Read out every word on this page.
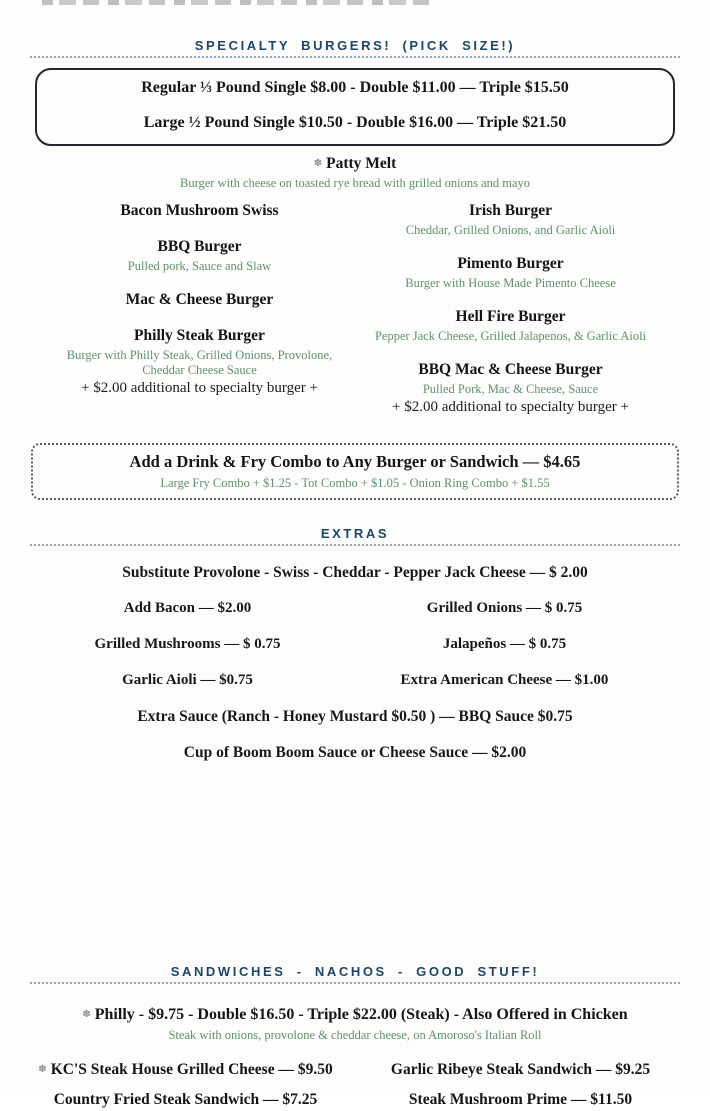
SPECIALTY BURGERS! (PICK SIZE!)
Regular ⅓ Pound Single $8.00 - Double $11.00 — Triple $15.50
Large ½ Pound Single $10.50 - Double $16.00 — Triple $21.50
✽ Patty Melt
Burger with cheese on toasted rye bread with grilled onions and mayo
Bacon Mushroom Swiss
BBQ Burger
Pulled pork, Sauce and Slaw
Mac & Cheese Burger
Philly Steak Burger
Burger with Philly Steak, Grilled Onions, Provolone, Cheddar Cheese Sauce
+ $2.00 additional to specialty burger +
Irish Burger
Cheddar, Grilled Onions, and Garlic Aioli
Pimento Burger
Burger with House Made Pimento Cheese
Hell Fire Burger
Pepper Jack Cheese, Grilled Jalapenos, & Garlic Aioli
BBQ Mac & Cheese Burger
Pulled Pork, Mac & Cheese, Sauce
+ $2.00 additional to specialty burger +
Add a Drink & Fry Combo to Any Burger or Sandwich — $4.65
Large Fry Combo + $1.25 - Tot Combo + $1.05 - Onion Ring Combo + $1.55
EXTRAS
Substitute Provolone - Swiss - Cheddar - Pepper Jack Cheese — $ 2.00
Add Bacon — $2.00	Grilled Onions — $ 0.75
Grilled Mushrooms — $ 0.75	Jalapeños — $ 0.75
Garlic Aioli — $0.75	Extra American Cheese — $1.00
Extra Sauce (Ranch - Honey Mustard $0.50 ) — BBQ Sauce $0.75
Cup of Boom Boom Sauce or Cheese Sauce — $2.00
SANDWICHES - NACHOS - GOOD STUFF!
✽ Philly - $9.75 - Double $16.50 - Triple $22.00 (Steak) - Also Offered in Chicken
Steak with onions, provolone & cheddar cheese, on Amoroso's Italian Roll
✽ KC'S Steak House Grilled Cheese — $9.50	Garlic Ribeye Steak Sandwich — $9.25
Country Fried Steak Sandwich — $7.25	Steak Mushroom Prime — $11.50
